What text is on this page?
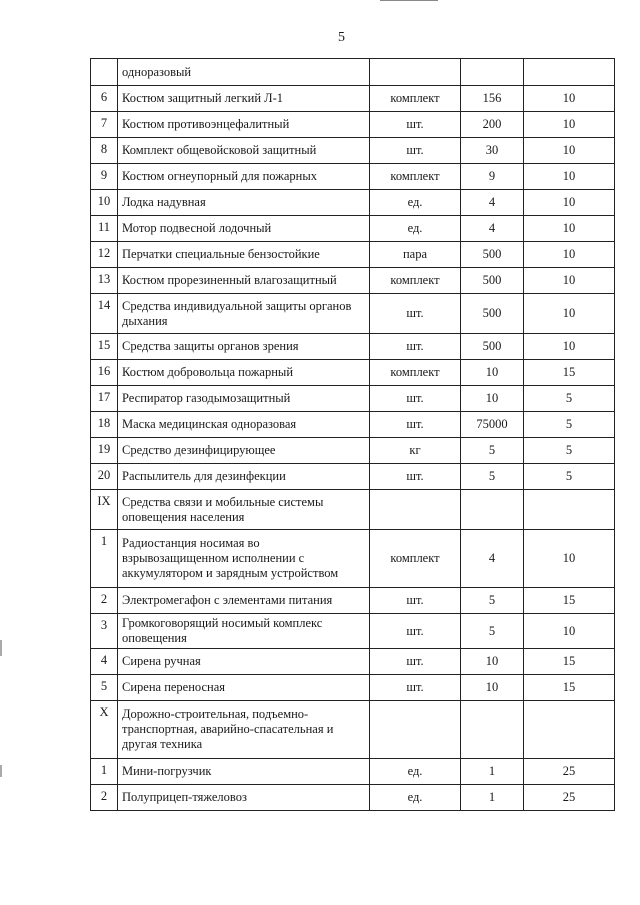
5
	одноразовый			
6	Костюм защитный легкий Л-1	комплект	156	10
7	Костюм противоэнцефалитный	шт.	200	10
8	Комплект общевойсковой защитный	шт.	30	10
9	Костюм огнеупорный для пожарных	комплект	9	10
10	Лодка надувная	ед.	4	10
11	Мотор подвесной лодочный	ед.	4	10
12	Перчатки специальные бензостойкие	пара	500	10
13	Костюм прорезиненный влагозащитный	комплект	500	10
14	Средства индивидуальной защиты органов дыхания	шт.	500	10
15	Средства защиты органов зрения	шт.	500	10
16	Костюм добровольца пожарный	комплект	10	15
17	Респиратор газодымозащитный	шт.	10	5
18	Маска медицинская одноразовая	шт.	75000	5
19	Средство дезинфицирующее	кг	5	5
20	Распылитель для дезинфекции	шт.	5	5
IX	Средства связи и мобильные системы оповещения населения			
1	Радиостанция носимая во взрывозащищенном исполнении с аккумулятором и зарядным устройством	комплект	4	10
2	Электромегафон с элементами питания	шт.	5	15
3	Громкоговорящий носимый комплекс оповещения	шт.	5	10
4	Сирена ручная	шт.	10	15
5	Сирена переносная	шт.	10	15
X	Дорожно-строительная, подъемно-транспортная, аварийно-спасательная и другая техника			
1	Мини-погрузчик	ед.	1	25
2	Полуприцеп-тяжеловоз	ед.	1	25
